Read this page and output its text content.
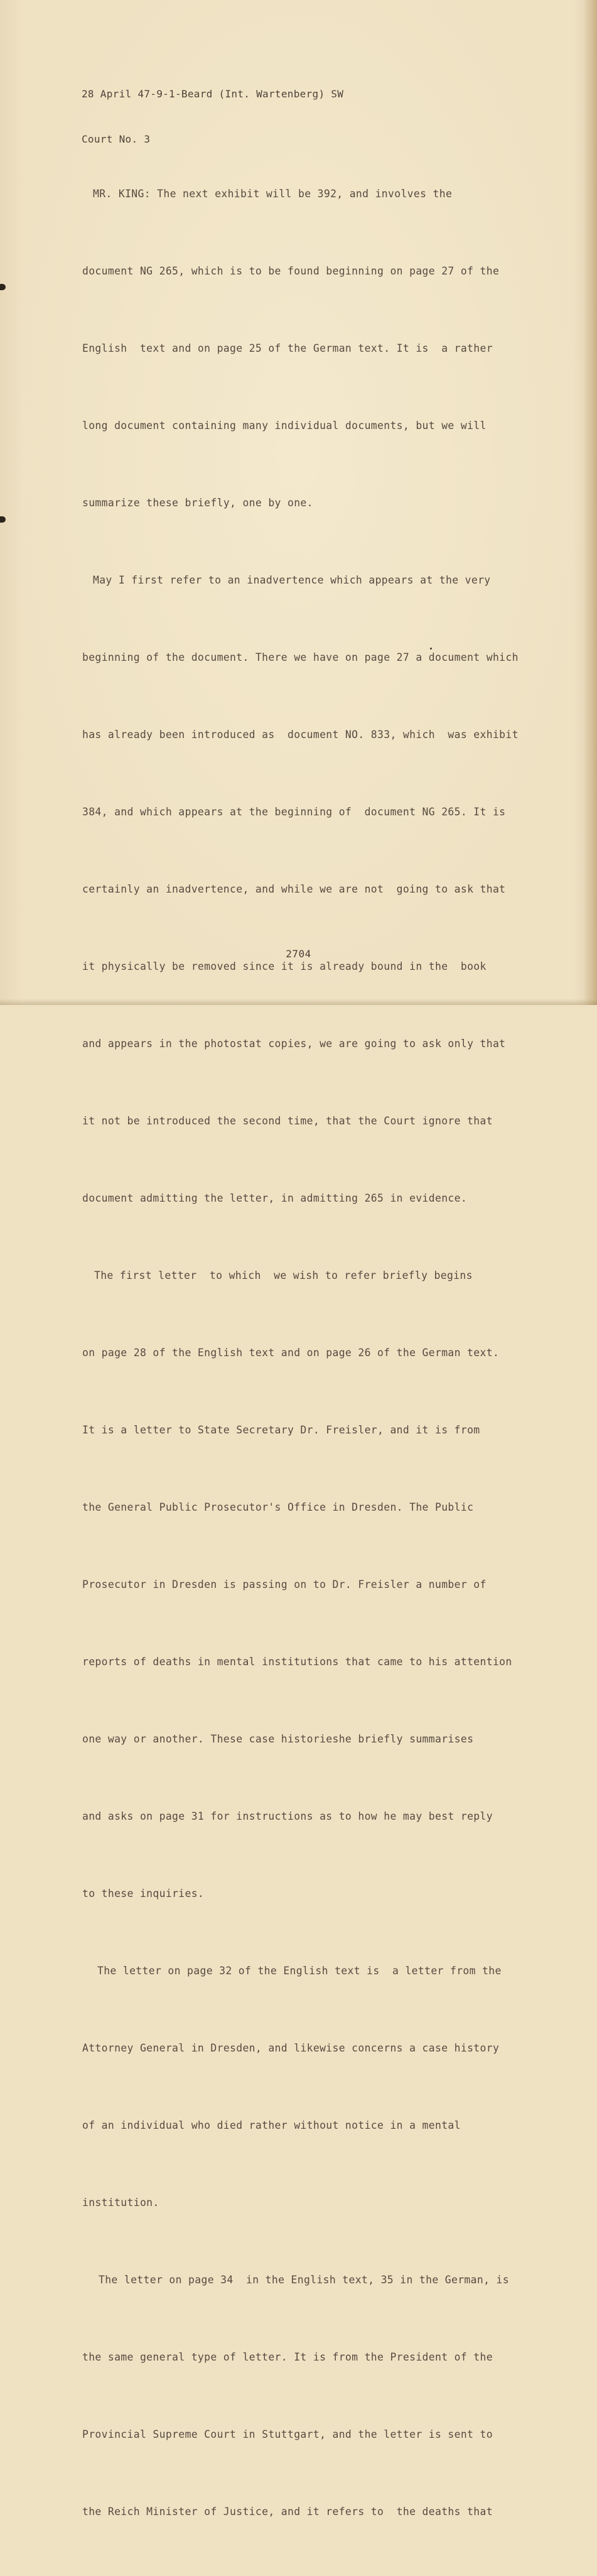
28 April 47-9-1-Beard (Int. Wartenberg) SW

Court No. 3

MR. KING: The next exhibit will be 392, and involves the

document NG 265, which is to be found beginning on page 27 of the

English  text and on page 25 of the German text. It is  a rather

long document containing many individual documents, but we will

summarize these briefly, one by one.

May I first refer to an inadvertence which appears at the very

beginning of the document. There we have on page 27 a document which

has already been introduced as  document NO. 833, which  was exhibit

384, and which appears at the beginning of  document NG 265. It is

certainly an inadvertence, and while we are not  going to ask that

it physically be removed since it is already bound in the  book

and appears in the photostat copies, we are going to ask only that

it not be introduced the second time, that the Court ignore that

document admitting the letter, in admitting 265 in evidence.

The first letter  to which  we wish to refer briefly begins

on page 28 of the English text and on page 26 of the German text.

It is a letter to State Secretary Dr. Freisler, and it is from

the General Public Prosecutor's Office in Dresden. The Public

Prosecutor in Dresden is passing on to Dr. Freisler a number of

reports of deaths in mental institutions that came to his attention

one way or another. These case historieshe briefly summarises

and asks on page 31 for instructions as to how he may best reply

to these inquiries.

The letter on page 32 of the English text is  a letter from the

Attorney General in Dresden, and likewise concerns a case history

of an individual who died rather without notice in a mental

institution.

The letter on page 34  in the English text, 35 in the German, is

the same general type of letter. It is from the President of the

Provincial Supreme Court in Stuttgart, and the letter is sent to

the Reich Minister of Justice, and it refers to  the deaths that

2704
